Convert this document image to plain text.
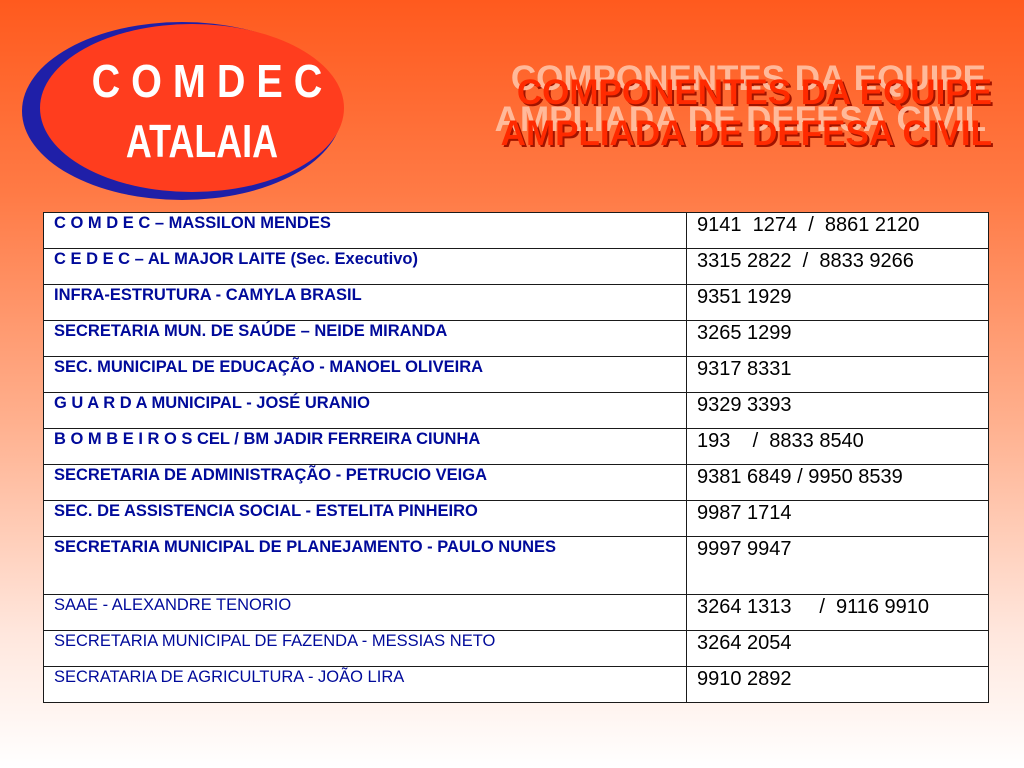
C O M D E C
ATALAIA
COMPONENTES DA EQUIPE
AMPLIADA DE DEFESA CIVIL
C O M D E C – MASSILON MENDES	9141  1274  /  8861 2120
C E D E C – AL MAJOR LAITE (Sec. Executivo)	3315 2822  /  8833 9266
INFRA-ESTRUTURA - CAMYLA BRASIL	9351 1929
SECRETARIA MUN. DE SAÚDE – NEIDE MIRANDA	3265 1299
SEC. MUNICIPAL DE EDUCAÇÃO - MANOEL OLIVEIRA	9317 8331
G U A R D A MUNICIPAL - JOSÉ URANIO	9329 3393
B O M B E I R O S CEL / BM JADIR FERREIRA CIUNHA	193    /  8833 8540
SECRETARIA DE ADMINISTRAÇÃO - PETRUCIO VEIGA	9381 6849 / 9950 8539
SEC. DE ASSISTENCIA SOCIAL - ESTELITA PINHEIRO	9987 1714
SECRETARIA MUNICIPAL DE PLANEJAMENTO - PAULO NUNES	9997 9947
SAAE - ALEXANDRE TENORIO	3264 1313     /  9116 9910
SECRETARIA MUNICIPAL DE FAZENDA - MESSIAS NETO	3264 2054
SECRATARIA DE AGRICULTURA - JOÃO LIRA	9910 2892
